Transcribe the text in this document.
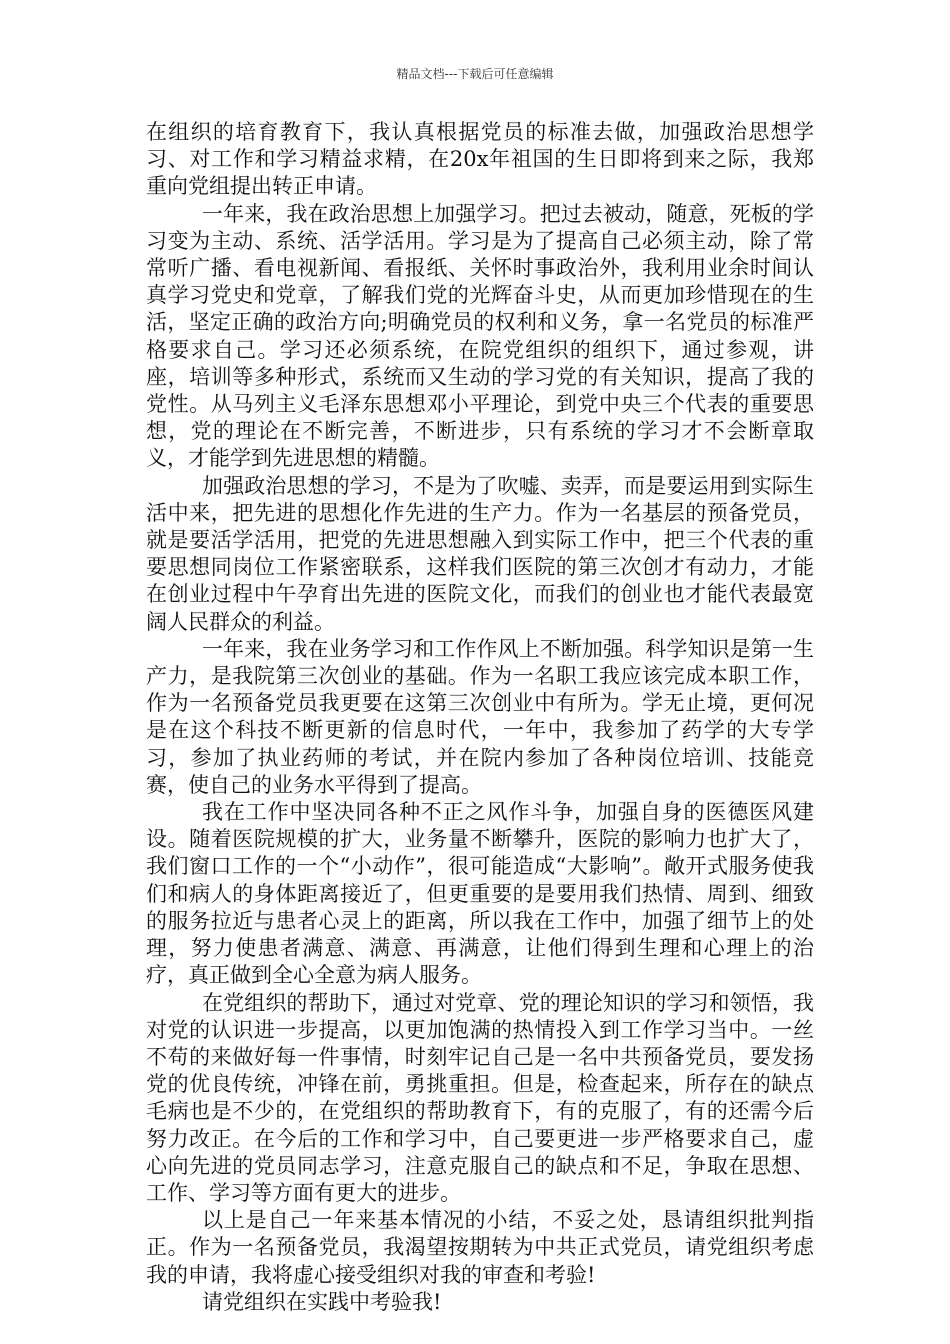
精品文档---下载后可任意编辑

在组织的培育教育下，我认真根据党员的标准去做，加强政治思想学习、对工作和学习精益求精，在20x年祖国的生日即将到来之际，我郑重向党组提出转正申请。

一年来，我在政治思想上加强学习。把过去被动，随意，死板的学习变为主动、系统、活学活用。学习是为了提高自己必须主动，除了常常听广播、看电视新闻、看报纸、关怀时事政治外，我利用业余时间认真学习党史和党章，了解我们党的光辉奋斗史，从而更加珍惜现在的生活，坚定正确的政治方向;明确党员的权利和义务，拿一名党员的标准严格要求自己。学习还必须系统，在院党组织的组织下，通过参观，讲座，培训等多种形式，系统而又生动的学习党的有关知识，提高了我的党性。从马列主义毛泽东思想邓小平理论，到党中央三个代表的重要思想，党的理论在不断完善，不断进步，只有系统的学习才不会断章取义，才能学到先进思想的精髓。

加强政治思想的学习，不是为了吹嘘、卖弄，而是要运用到实际生活中来，把先进的思想化作先进的生产力。作为一名基层的预备党员，就是要活学活用，把党的先进思想融入到实际工作中，把三个代表的重要思想同岗位工作紧密联系，这样我们医院的第三次创才有动力，才能在创业过程中午孕育出先进的医院文化，而我们的创业也才能代表最宽阔人民群众的利益。

一年来，我在业务学习和工作作风上不断加强。科学知识是第一生产力，是我院第三次创业的基础。作为一名职工我应该完成本职工作，作为一名预备党员我更要在这第三次创业中有所为。学无止境，更何况是在这个科技不断更新的信息时代，一年中，我参加了药学的大专学习，参加了执业药师的考试，并在院内参加了各种岗位培训、技能竞赛，使自己的业务水平得到了提高。

我在工作中坚决同各种不正之风作斗争，加强自身的医德医风建设。随着医院规模的扩大，业务量不断攀升，医院的影响力也扩大了，我们窗口工作的一个“小动作”，很可能造成“大影响”。敞开式服务使我们和病人的身体距离接近了，但更重要的是要用我们热情、周到、细致的服务拉近与患者心灵上的距离，所以我在工作中，加强了细节上的处理，努力使患者满意、满意、再满意，让他们得到生理和心理上的治疗，真正做到全心全意为病人服务。

在党组织的帮助下，通过对党章、党的理论知识的学习和领悟，我对党的认识进一步提高，以更加饱满的热情投入到工作学习当中。一丝不苟的来做好每一件事情，时刻牢记自己是一名中共预备党员，要发扬党的优良传统，冲锋在前，勇挑重担。但是，检查起来，所存在的缺点毛病也是不少的，在党组织的帮助教育下，有的克服了，有的还需今后努力改正。在今后的工作和学习中，自己要更进一步严格要求自己，虚心向先进的党员同志学习，注意克服自己的缺点和不足，争取在思想、工作、学习等方面有更大的进步。

以上是自己一年来基本情况的小结，不妥之处，恳请组织批判指正。作为一名预备党员，我渴望按期转为中共正式党员，请党组织考虑我的申请，我将虚心接受组织对我的审查和考验!

请党组织在实践中考验我!
